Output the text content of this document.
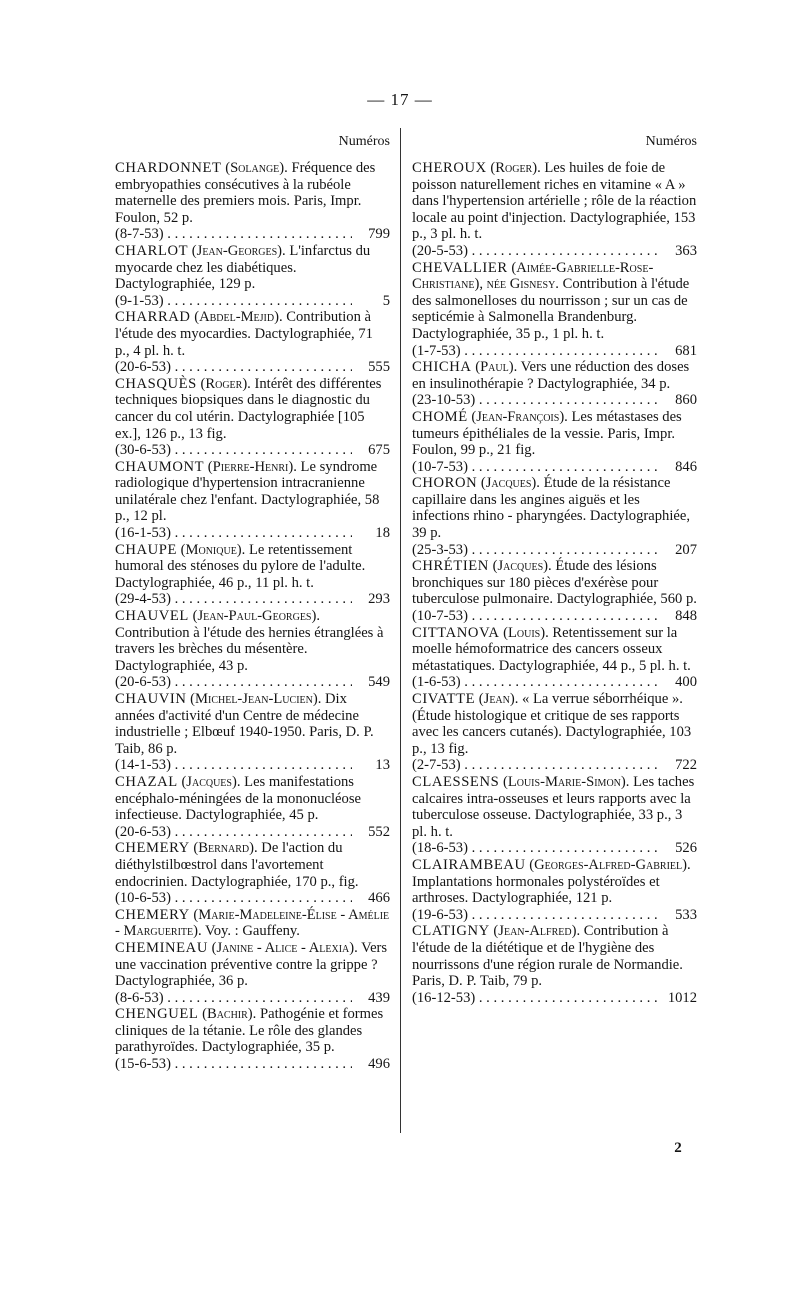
— 17 —
Numéros
CHARDONNET (Solange). Fréquence des embryopathies consécutives à la rubéole maternelle des premiers mois. Paris, Impr. Foulon, 52 p.
(8-7-53) . . .	799
CHARLOT (Jean-Georges). L'infarctus du myocarde chez les diabétiques. Dactylographiée, 129 p.
(9-1-53) . . .	5
CHARRAD (Abdel-Mejid). Contribution à l'étude des myocardies. Dactylographiée, 71 p., 4 pl. h. t.
(20-6-53) . . .	555
CHASQUÈS (Roger). Intérêt des différentes techniques biopsiques dans le diagnostic du cancer du col utérin. Dactylographiée [105 ex.], 126 p., 13 fig.
(30-6-53) . . .	675
CHAUMONT (Pierre-Henri). Le syndrome radiologique d'hypertension intracranienne unilatérale chez l'enfant. Dactylographiée, 58 p., 12 pl.
(16-1-53) . . .	18
CHAUPE (Monique). Le retentissement humoral des sténoses du pylore de l'adulte. Dactylographiée, 46 p., 11 pl. h. t.
(29-4-53) . . .	293
CHAUVEL (Jean-Paul-Georges). Contribution à l'étude des hernies étranglées à travers les brèches du mésentère. Dactylographiée, 43 p.
(20-6-53) . . .	549
CHAUVIN (Michel-Jean-Lucien). Dix années d'activité d'un Centre de médecine industrielle ; Elbœuf 1940-1950. Paris, D. P. Taib, 86 p.
(14-1-53) . . .	13
CHAZAL (Jacques). Les manifestations encéphalo-méningées de la mononucléose infectieuse. Dactylographiée, 45 p.
(20-6-53) . . .	552
CHEMERY (Bernard). De l'action du diéthylstilbœstrol dans l'avortement endocrinien. Dactylographiée, 170 p., fig.
(10-6-53) . . .	466
CHEMERY (Marie-Madeleine-Élise - Amélie - Marguerite). Voy. : Gauffeny.
CHEMINEAU (Janine - Alice - Alexia). Vers une vaccination préventive contre la grippe ? Dactylographiée, 36 p.
(8-6-53) . . .	439
CHENGUEL (Bachir). Pathogénie et formes cliniques de la tétanie. Le rôle des glandes parathyroïdes. Dactylographiée, 35 p.
(15-6-53) . . .	496
Numéros
CHEROUX (Roger). Les huiles de foie de poisson naturellement riches en vitamine « A » dans l'hypertension artérielle ; rôle de la réaction locale au point d'injection. Dactylographiée, 153 p., 3 pl. h. t.
(20-5-53) . . .	363
CHEVALLIER (Aimée-Gabrielle-Rose-Christiane), née Gisnesy. Contribution à l'étude des salmonelloses du nourrisson ; sur un cas de septicémie à Salmonella Brandenburg. Dactylographiée, 35 p., 1 pl. h. t.
(1-7-53) . . .	681
CHICHA (Paul). Vers une réduction des doses en insulinothérapie ? Dactylographiée, 34 p.
(23-10-53) . . .	860
CHOMÉ (Jean-François). Les métastases des tumeurs épithéliales de la vessie. Paris, Impr. Foulon, 99 p., 21 fig.
(10-7-53) . . .	846
CHORON (Jacques). Étude de la résistance capillaire dans les angines aiguës et les infections rhino - pharyngées. Dactylographiée, 39 p.
(25-3-53) . . .	207
CHRÉTIEN (Jacques). Étude des lésions bronchiques sur 180 pièces d'exérèse pour tuberculose pulmonaire. Dactylographiée, 560 p.
(10-7-53) . . .	848
CITTANOVA (Louis). Retentissement sur la moelle hémoformatrice des cancers osseux métastatiques. Dactylographiée, 44 p., 5 pl. h. t.
(1-6-53) . . .	400
CIVATTE (Jean). « La verrue séborrhéique ». (Étude histologique et critique de ses rapports avec les cancers cutanés). Dactylographiée, 103 p., 13 fig.
(2-7-53) . . .	722
CLAESSENS (Louis-Marie-Simon). Les taches calcaires intra-osseuses et leurs rapports avec la tuberculose osseuse. Dactylographiée, 33 p., 3 pl. h. t.
(18-6-53) . . .	526
CLAIRAMBEAU (Georges-Alfred-Gabriel). Implantations hormonales polystéroïdes et arthroses. Dactylographiée, 121 p.
(19-6-53) . . .	533
CLATIGNY (Jean-Alfred). Contribution à l'étude de la diététique et de l'hygiène des nourrissons d'une région rurale de Normandie. Paris, D. P. Taib, 79 p.
(16-12-53) . . .	1012
2
